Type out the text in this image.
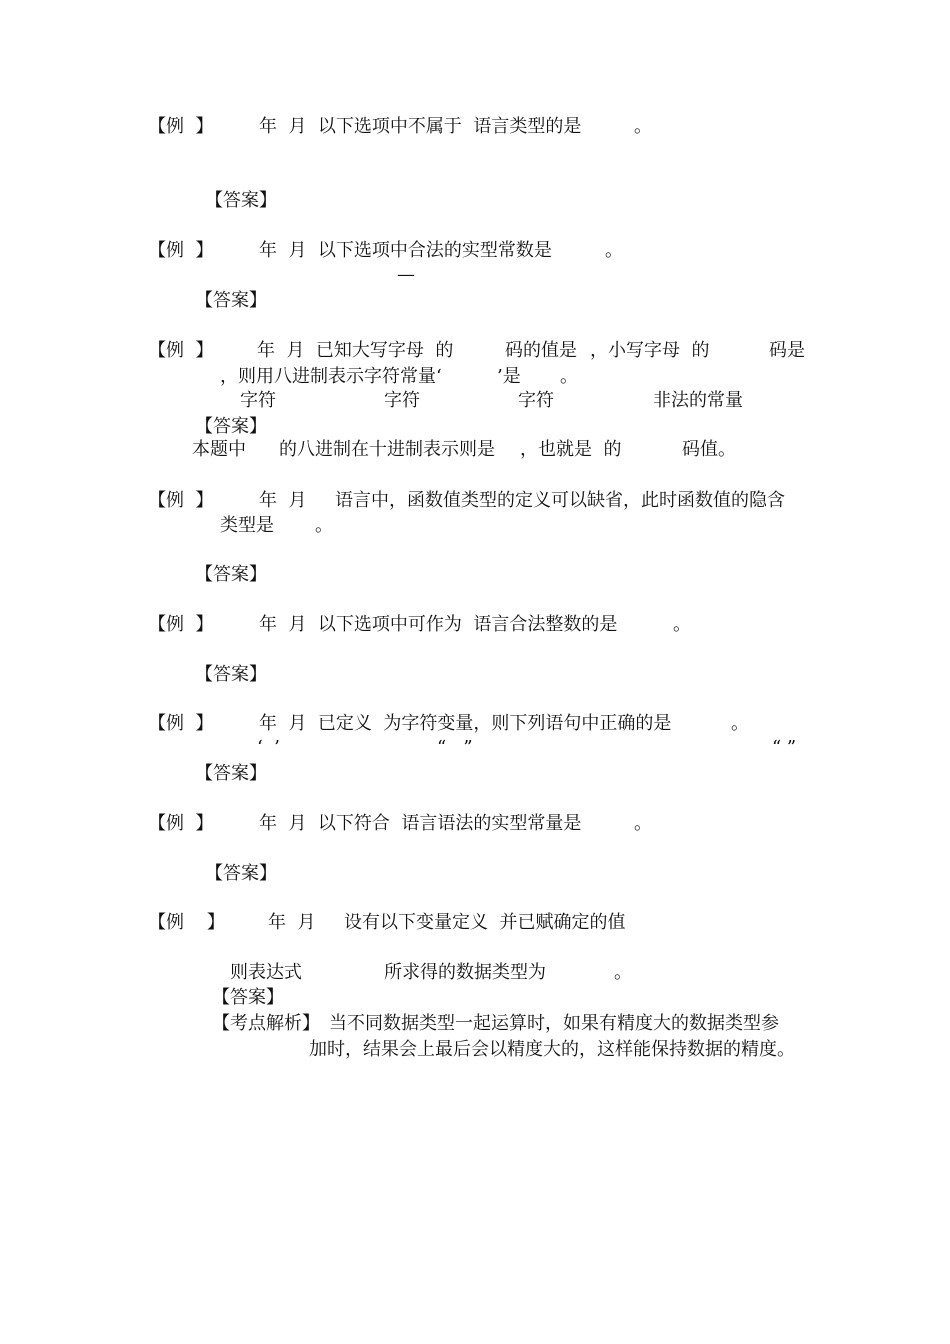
【例  】	年  月  以下选项中不属于  语言类型的是	。
【答案】
【例  】	年  月  以下选项中合法的实型常数是	。
—
【答案】
【例  】 年  月  已知大写字母  的	码的值是 ，小写字母  的	码是
，则用八进制表示字符常量‘	’是 。
字符	字符	字符	非法的常量
【答案】
本题中 的八进制在十进制表示则是 ，也就是  的	码值。
【例  】	年  月     语言中，函数值类型的定义可以缺省，此时函数值的隐含
类型是 。
【答案】
【例  】	年  月  以下选项中可作为  语言合法整数的是	。
【答案】
【例  】	年  月  已定义  为字符变量，则下列语句中正确的是	。
‘  ’	“   ”	“ ”
【答案】
【例  】	年  月  以下符合  语言语法的实型常量是	。
【答案】
【例    】 年  月     设有以下变量定义  并已赋确定的值
则表达式	所求得的数据类型为	。
【答案】
【考点解析】 当不同数据类型一起运算时，如果有精度大的数据类型参
加时，结果会上最后会以精度大的，这样能保持数据的精度。
